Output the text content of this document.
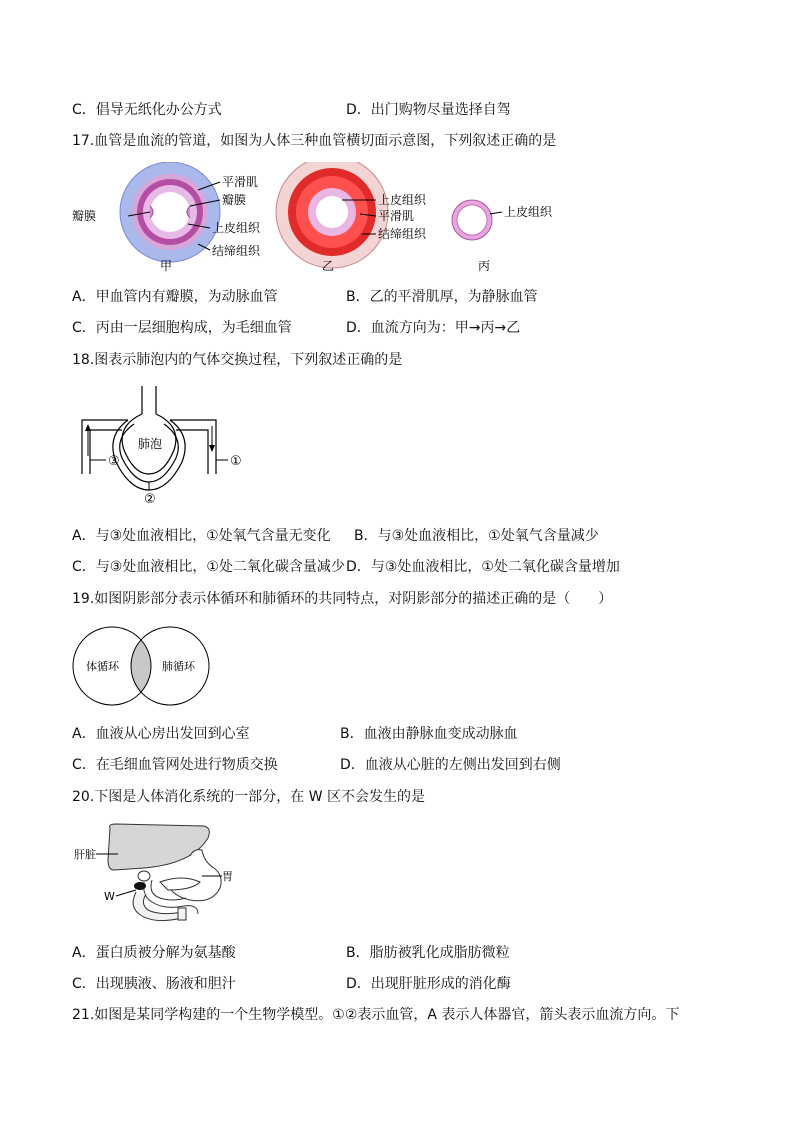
C．倡导无纸化办公方式	D．出门购物尽量选择自驾
17.血管是血流的管道，如图为人体三种血管横切面示意图，下列叙述正确的是
平滑肌
瓣膜
瓣膜
上皮组织
结缔组织
上皮组织
平滑肌
结缔组织
上皮组织
甲	乙	丙
A．甲血管内有瓣膜，为动脉血管	B．乙的平滑肌厚，为静脉血管
C．丙由一层细胞构成，为毛细血管	D．血流方向为：甲→丙→乙
18.图表示肺泡内的气体交换过程，下列叙述正确的是
肺泡
①
②
③
A．与③处血液相比，①处氧气含量无变化 B．与③处血液相比，①处氧气含量减少
C．与③处血液相比，①处二氧化碳含量减少 D．与③处血液相比，①处二氧化碳含量增加
19.如图阴影部分表示体循环和肺循环的共同特点，对阴影部分的描述正确的是（　　）
体循环	肺循环
A．血液从心房出发回到心室	B．血液由静脉血变成动脉血
C．在毛细血管网处进行物质交换	D．血液从心脏的左侧出发回到右侧
20.下图是人体消化系统的一部分，在 W 区不会发生的是
肝脏
胃
W
A．蛋白质被分解为氨基酸	B．脂肪被乳化成脂肪微粒
C．出现胰液、肠液和胆汁	D．出现肝脏形成的消化酶
21.如图是某同学构建的一个生物学模型。①②表示血管，A 表示人体器官，箭头表示血流方向。下
